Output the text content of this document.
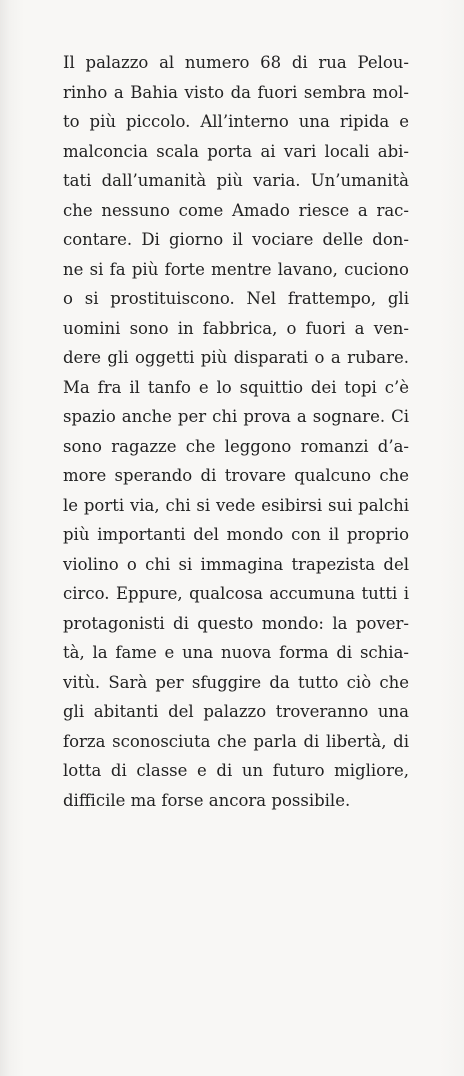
Il palazzo al numero 68 di rua Pelou-
rinho a Bahia visto da fuori sembra mol-
to più piccolo. All’interno una ripida e
malconcia scala porta ai vari locali abi-
tati dall’umanità più varia. Un’umanità
che nessuno come Amado riesce a rac-
contare. Di giorno il vociare delle don-
ne si fa più forte mentre lavano, cuciono
o si prostituiscono. Nel frattempo, gli
uomini sono in fabbrica, o fuori a ven-
dere gli oggetti più disparati o a rubare.
Ma fra il tanfo e lo squittio dei topi c’è
spazio anche per chi prova a sognare. Ci
sono ragazze che leggono romanzi d’a-
more sperando di trovare qualcuno che
le porti via, chi si vede esibirsi sui palchi
più importanti del mondo con il proprio
violino o chi si immagina trapezista del
circo. Eppure, qualcosa accumuna tutti i
protagonisti di questo mondo: la pover-
tà, la fame e una nuova forma di schia-
vitù. Sarà per sfuggire da tutto ciò che
gli abitanti del palazzo troveranno una
forza sconosciuta che parla di libertà, di
lotta di classe e di un futuro migliore,
difficile ma forse ancora possibile.
